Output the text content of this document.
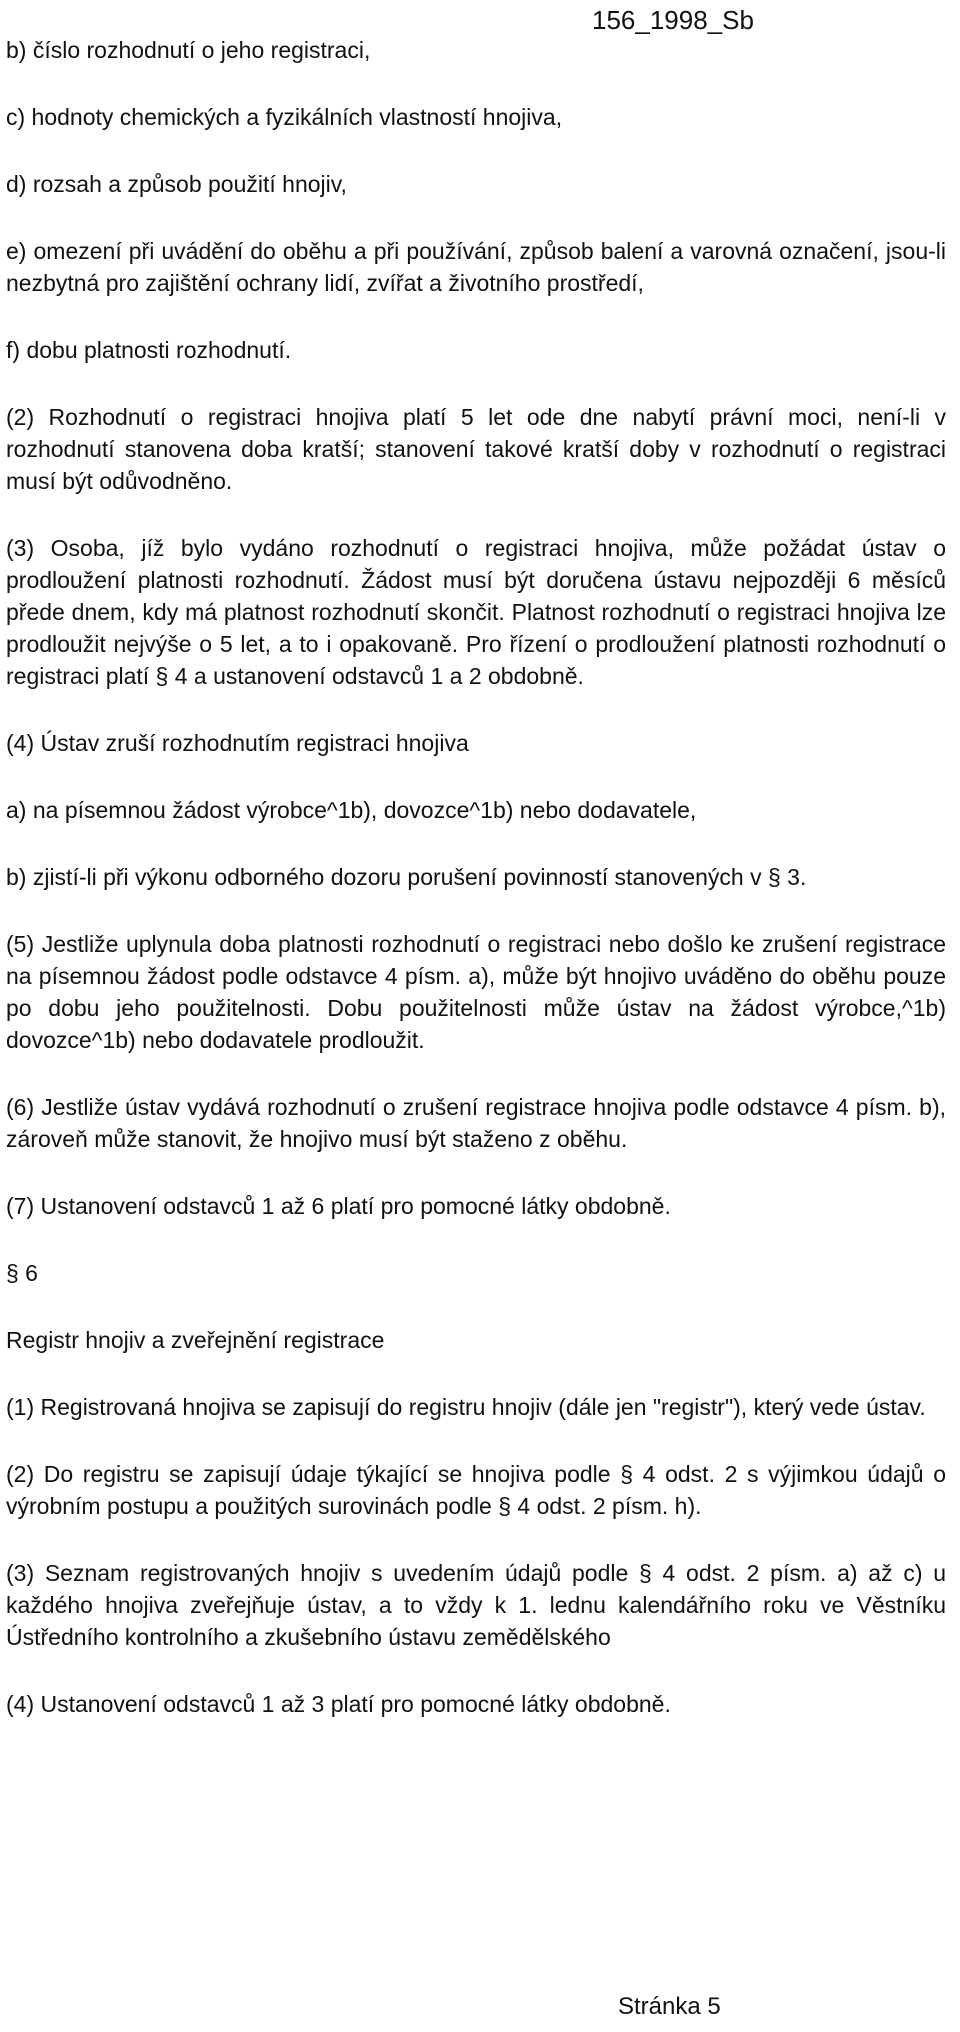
156_1998_Sb

b) číslo rozhodnutí o jeho registraci,

c) hodnoty chemických a fyzikálních vlastností hnojiva,

d) rozsah a způsob použití hnojiv,

e) omezení při uvádění do oběhu a při používání, způsob balení a varovná označení, jsou-li nezbytná pro zajištění ochrany lidí, zvířat a životního prostředí,

f) dobu platnosti rozhodnutí.

(2) Rozhodnutí o registraci hnojiva platí 5 let ode dne nabytí právní moci, není-li v rozhodnutí stanovena doba kratší; stanovení takové kratší doby v rozhodnutí o registraci musí být odůvodněno.

(3) Osoba, jíž bylo vydáno rozhodnutí o registraci hnojiva, může požádat ústav o prodloužení platnosti rozhodnutí. Žádost musí být doručena ústavu nejpozději 6 měsíců přede dnem, kdy má platnost rozhodnutí skončit. Platnost rozhodnutí o registraci hnojiva lze prodloužit nejvýše o 5 let, a to i opakovaně. Pro řízení o prodloužení platnosti rozhodnutí o registraci platí § 4 a ustanovení odstavců 1 a 2 obdobně.

(4) Ústav zruší rozhodnutím registraci hnojiva

a) na písemnou žádost výrobce^1b), dovozce^1b) nebo dodavatele,

b) zjistí-li při výkonu odborného dozoru porušení povinností stanovených v § 3.

(5) Jestliže uplynula doba platnosti rozhodnutí o registraci nebo došlo ke zrušení registrace na písemnou žádost podle odstavce 4 písm. a), může být hnojivo uváděno do oběhu pouze po dobu jeho použitelnosti. Dobu použitelnosti může ústav na žádost výrobce,^1b) dovozce^1b) nebo dodavatele prodloužit.

(6) Jestliže ústav vydává rozhodnutí o zrušení registrace hnojiva podle odstavce 4 písm. b), zároveň může stanovit, že hnojivo musí být staženo z oběhu.

(7) Ustanovení odstavců 1 až 6 platí pro pomocné látky obdobně.

§ 6

Registr hnojiv a zveřejnění registrace

(1) Registrovaná hnojiva se zapisují do registru hnojiv (dále jen "registr"), který vede ústav.

(2) Do registru se zapisují údaje týkající se hnojiva podle § 4 odst. 2 s výjimkou údajů o výrobním postupu a použitých surovinách podle § 4 odst. 2 písm. h).

(3) Seznam registrovaných hnojiv s uvedením údajů podle § 4 odst. 2 písm. a) až c) u každého hnojiva zveřejňuje ústav, a to vždy k 1. lednu kalendářního roku ve Věstníku Ústředního kontrolního a zkušebního ústavu zemědělského

(4) Ustanovení odstavců 1 až 3 platí pro pomocné látky obdobně.

Stránka 5
